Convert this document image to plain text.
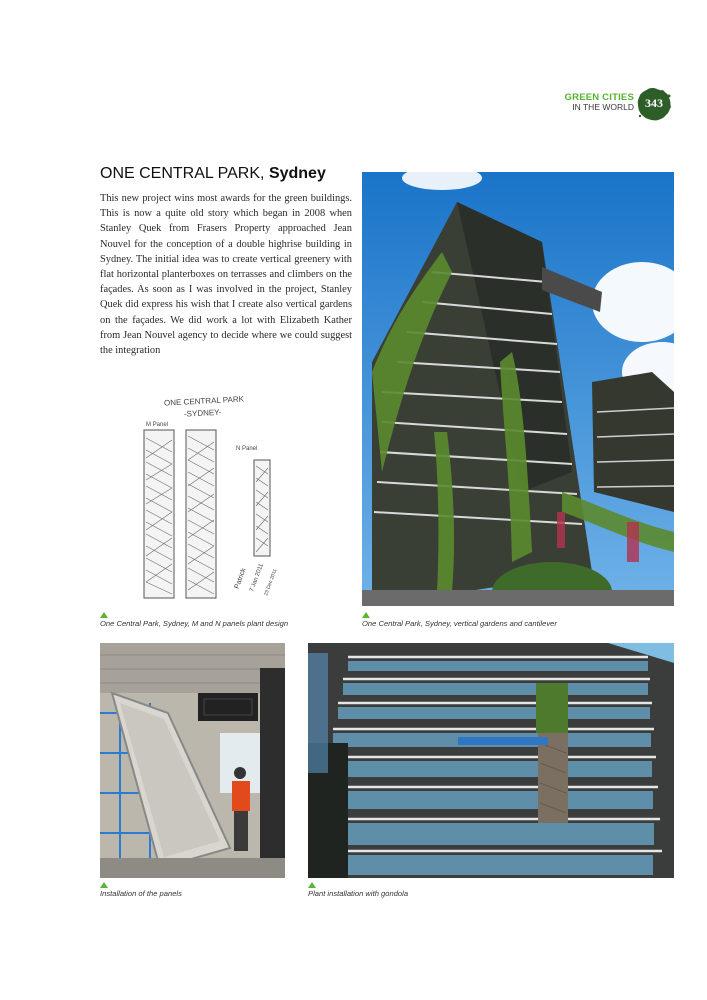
GREEN CITIES
IN THE WORLD 343
ONE CENTRAL PARK, Sydney
This new project wins most awards for the green buildings. This is now a quite old story which began in 2008 when Stanley Quek from Frasers Property approached Jean Nouvel for the conception of a double highrise building in Sydney. The initial idea was to create vertical greenery with flat horizontal planterboxes on terrasses and climbers on the façades. As soon as I was involved in the project, Stanley Quek did express his wish that I create also vertical gardens on the façades. We did work a lot with Elizabeth Kather from Jean Nouvel agency to decide where we could suggest the integration
ONE CENTRAL PARK
-SYDNEY-
M Panel
N Panel
Patrick 7 Jan 2011
23 Dec 2011
One Central Park, Sydney, M and N panels plant design	One Central Park, Sydney, vertical gardens and cantilever
Installation of the panels	Plant installation with gondola
